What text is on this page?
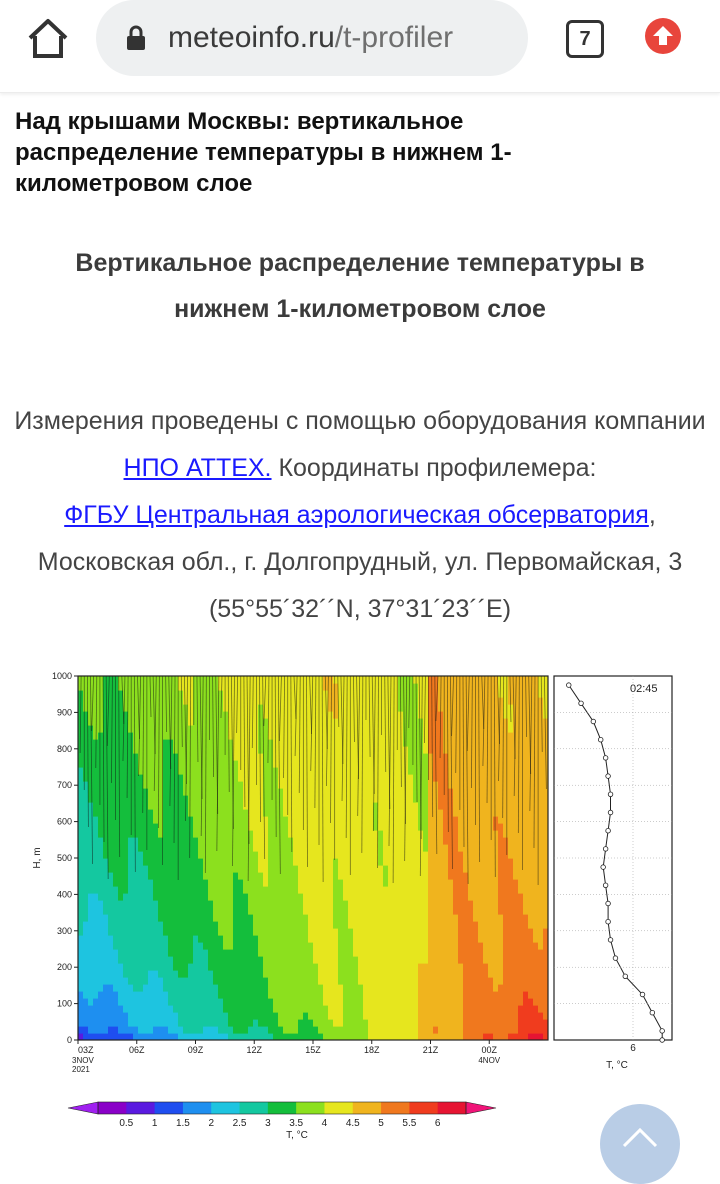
meteoinfo.ru/t-profiler	7
Над крышами Москвы: вертикальное распределение температуры в нижнем 1-километровом слое
Вертикальное распределение температуры в
нижнем 1-километровом слое
Измерения проведены с помощью оборудования компании НПО АТТЕХ. Координаты профилемера:
ФГБУ Центральная аэрологическая обсерватория, Московская обл., г. Долгопрудный, ул. Первомайская, 3 (55°55´32´´N, 37°31´23´´E)
0
100
200
300
400
500
600
700
800
900
1000
03Z	06Z	09Z	12Z	15Z	18Z	21Z	00Z
3NOV
2021
4NOV
H, m
02:45
6
T, °C
0.5 1 1.5 2 2.5 3 3.5 4 4.5 5 5.5 6
T, °C
